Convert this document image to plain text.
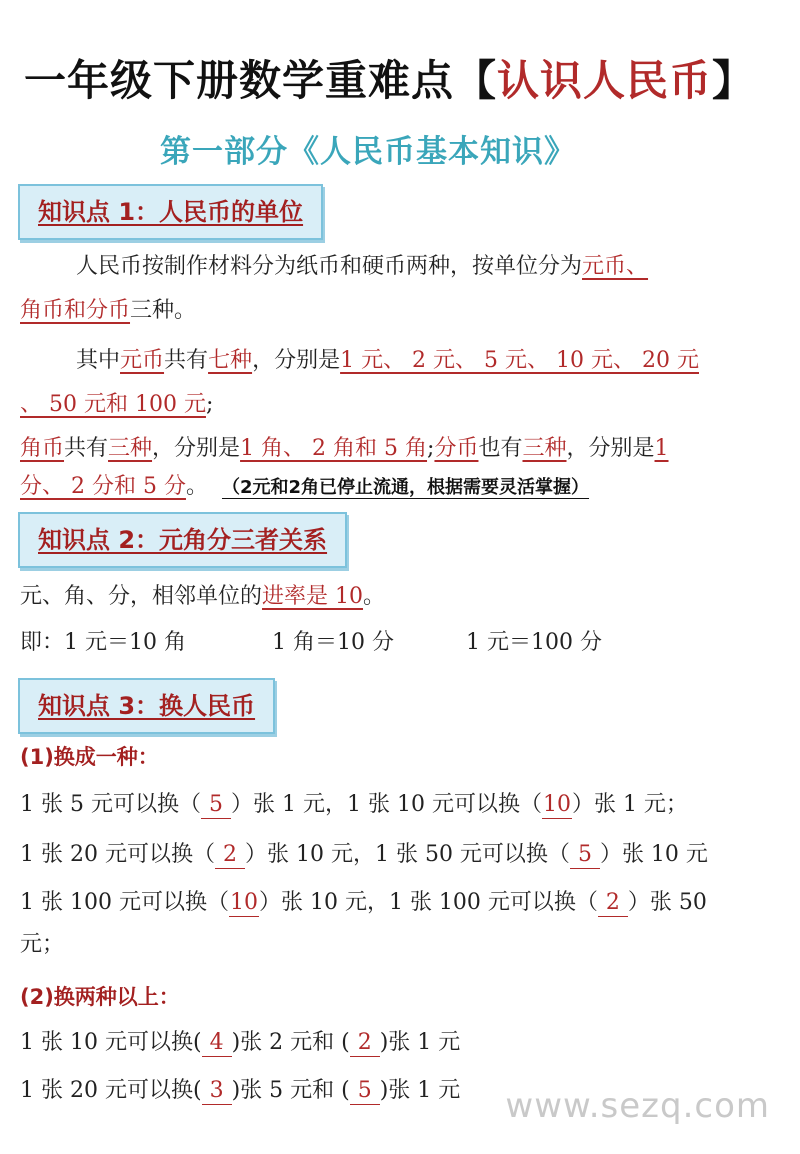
一年级下册数学重难点【认识人民币】
第一部分《人民币基本知识》
知识点 1：人民币的单位
人民币按制作材料分为纸币和硬币两种，按单位分为元币、
角币和分币三种。
其中元币共有七种，分别是1 元、 2 元、 5 元、 10 元、 20 元
、 50 元和 100 元;
角币共有三种，分别是1 角、 2 角和 5 角;分币也有三种，分别是1
分、 2 分和 5 分。 （2元和2角已停止流通，根据需要灵活掌握）
知识点 2：元角分三者关系
元、角、分，相邻单位的进率是 10。
即：1 元＝10 角	1 角＝10 分	1 元＝100 分
知识点 3：换人民币
(1)换成一种：
1 张 5 元可以换（ 5 ）张 1 元，1 张 10 元可以换（10）张 1 元；
1 张 20 元可以换（ 2 ）张 10 元，1 张 50 元可以换（ 5 ）张 10 元
1 张 100 元可以换（10）张 10 元，1 张 100 元可以换（ 2 ）张 50
元；
(2)换两种以上：
1 张 10 元可以换( 4 )张 2 元和 ( 2 )张 1 元
1 张 20 元可以换( 3 )张 5 元和 ( 5 )张 1 元 www.sezq.com
